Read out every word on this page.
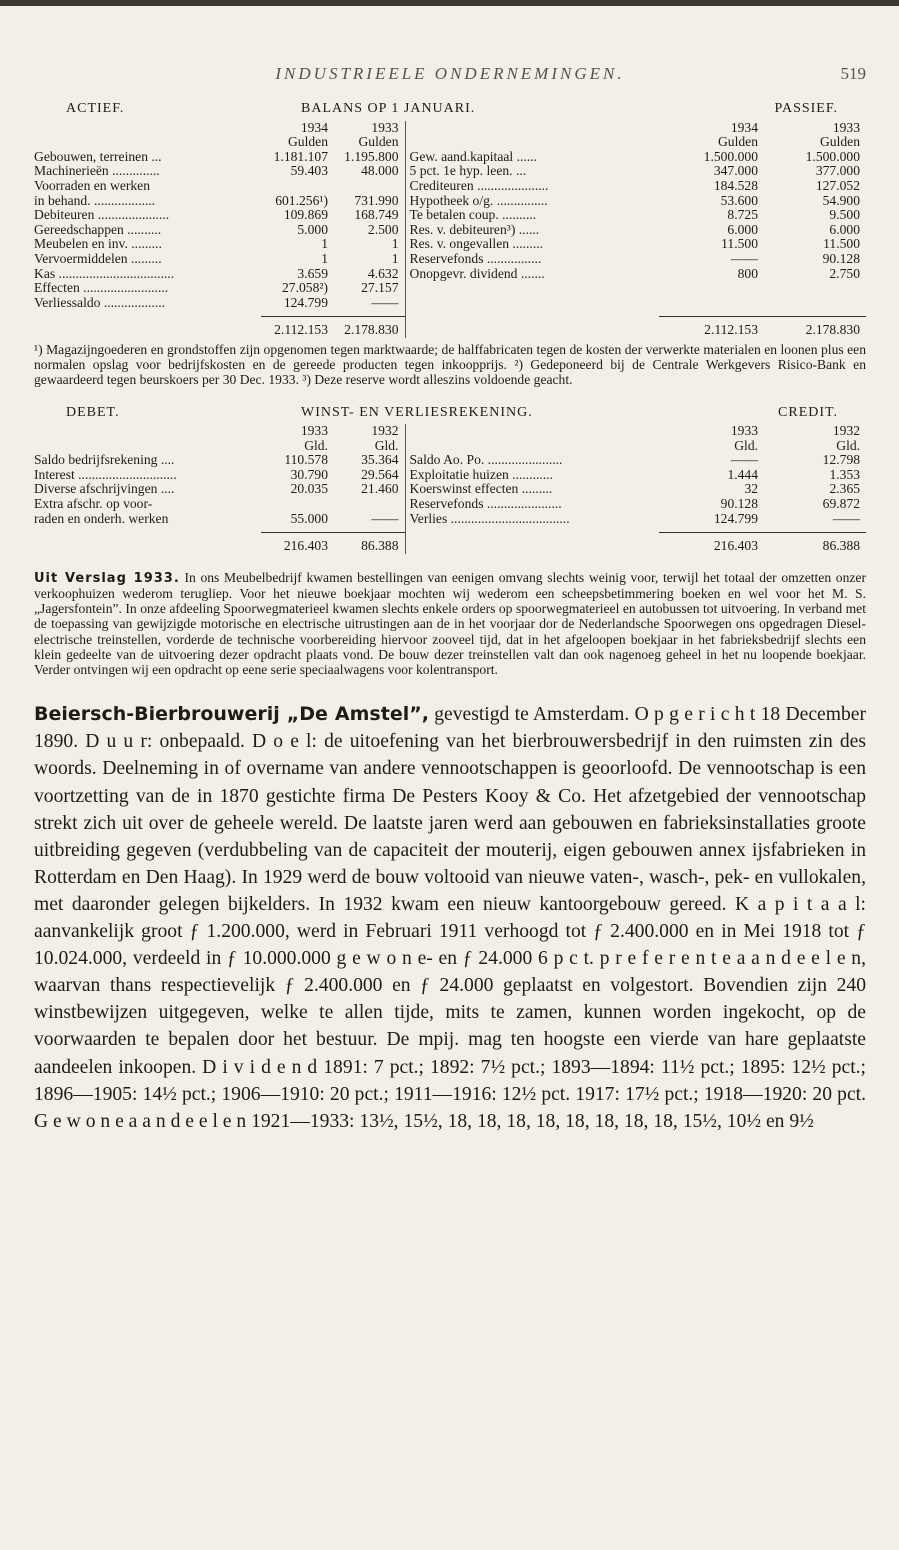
INDUSTRIEELE ONDERNEMINGEN.	519
ACTIEF.	BALANS OP 1 JANUARI.			PASSIEF.	
	1934	1933		1934	1933
	Gulden	Gulden		Gulden	Gulden
Gebouwen, terreinen ...	1.181.107	1.195.800	Gew. aand.kapitaal ......	1.500.000	1.500.000
Machinerieën ..............	59.403	48.000	5 pct. 1e hyp. leen. ...	347.000	377.000
Voorraden en werken			Crediteuren .....................	184.528	127.052
in behand. ..................	601.256¹)	731.990	Hypotheek o/g. ...............	53.600	54.900
Debiteuren .....................	109.869	168.749	Te betalen coup. ..........	8.725	9.500
Gereedschappen ..........	5.000	2.500	Res. v. debiteuren³) ......	6.000	6.000
Meubelen en inv. .........	1	1	Res. v. ongevallen .........	11.500	11.500
Vervoermiddelen .........	1	1	Reservefonds ................	——	90.128
Kas ..................................	3.659	4.632	Onopgevr. dividend .......	800	2.750
Effecten .........................	27.058²)	27.157			
Verliessaldo ..................	124.799	——			

	2.112.153	2.178.830		2.112.153	2.178.830
¹) Magazijngoederen en grondstoffen zijn opgenomen tegen marktwaarde; de halffabricaten tegen de kosten der verwerkte materialen en loonen plus een normalen opslag voor bedrijfskosten en de gereede producten tegen inkoopprijs. ²) Gedeponeerd bij de Centrale Werkgevers Risico-Bank en gewaardeerd tegen beurskoers per 30 Dec. 1933. ³) Deze reserve wordt alleszins voldoende geacht.
DEBET.	WINST- EN VERLIESREKENING.			CREDIT.	
	1933	1932		1933	1932
	Gld.	Gld.		Gld.	Gld.
Saldo bedrijfsrekening ....	110.578	35.364	Saldo Ao. Po. ......................	——	12.798
Interest .............................	30.790	29.564	Exploitatie huizen ............	1.444	1.353
Diverse afschrijvingen ....	20.035	21.460	Koerswinst effecten .........	32	2.365
Extra afschr. op voor-			Reservefonds ......................	90.128	69.872
raden en onderh. werken	55.000	——	Verlies ...................................	124.799	——

	216.403	86.388		216.403	86.388
Uit Verslag 1933. In ons Meubelbedrijf kwamen bestellingen van eenigen omvang slechts weinig voor, terwijl het totaal der omzetten onzer verkoophuizen wederom terugliep. Voor het nieuwe boekjaar mochten wij wederom een scheepsbetimmering boeken en wel voor het M. S. „Jagersfontein”. In onze afdeeling Spoorwegmaterieel kwamen slechts enkele orders op spoorwegmaterieel en autobussen tot uitvoering. In verband met de toepassing van gewijzigde motorische en electrische uitrustingen aan de in het voorjaar dor de Nederlandsche Spoorwegen ons opgedragen Diesel-electrische treinstellen, vorderde de technische voorbereiding hiervoor zooveel tijd, dat in het afgeloopen boekjaar in het fabrieksbedrijf slechts een klein gedeelte van de uitvoering dezer opdracht plaats vond. De bouw dezer treinstellen valt dan ook nagenoeg geheel in het nu loopende boekjaar. Verder ontvingen wij een opdracht op eene serie speciaalwagens voor kolentransport.
Beiersch-Bierbrouwerij „De Amstel”, gevestigd te Amsterdam. O p g e r i c h t 18 December 1890. D u u r: onbepaald. D o e l: de uitoefening van het bierbrouwersbedrijf in den ruimsten zin des woords. Deelneming in of overname van andere vennootschappen is geoorloofd. De vennootschap is een voortzetting van de in 1870 gestichte firma De Pesters Kooy & Co. Het afzetgebied der vennootschap strekt zich uit over de geheele wereld. De laatste jaren werd aan gebouwen en fabrieksinstallaties groote uitbreiding gegeven (verdubbeling van de capaciteit der mouterij, eigen gebouwen annex ijsfabrieken in Rotterdam en Den Haag). In 1929 werd de bouw voltooid van nieuwe vaten-, wasch-, pek- en vullokalen, met daaronder gelegen bijkelders. In 1932 kwam een nieuw kantoorgebouw gereed. K a p i t a a l: aanvankelijk groot ƒ 1.200.000, werd in Februari 1911 verhoogd tot ƒ 2.400.000 en in Mei 1918 tot ƒ 10.024.000, verdeeld in ƒ 10.000.000 g e w o n e- en ƒ 24.000 6 p c t. p r e f e r e n t e a a n d e e l e n, waarvan thans respectievelijk ƒ 2.400.000 en ƒ 24.000 geplaatst en volgestort. Bovendien zijn 240 winstbewijzen uitgegeven, welke te allen tijde, mits te zamen, kunnen worden ingekocht, op de voorwaarden te bepalen door het bestuur. De mpij. mag ten hoogste een vierde van hare geplaatste aandeelen inkoopen. D i v i d e n d 1891: 7 pct.; 1892: 7½ pct.; 1893—1894: 11½ pct.; 1895: 12½ pct.; 1896—1905: 14½ pct.; 1906—1910: 20 pct.; 1911—1916: 12½ pct. 1917: 17½ pct.; 1918—1920: 20 pct. G e w o n e a a n d e e l e n 1921—1933: 13½, 15½, 18, 18, 18, 18, 18, 18, 18, 18, 15½, 10½ en 9½
